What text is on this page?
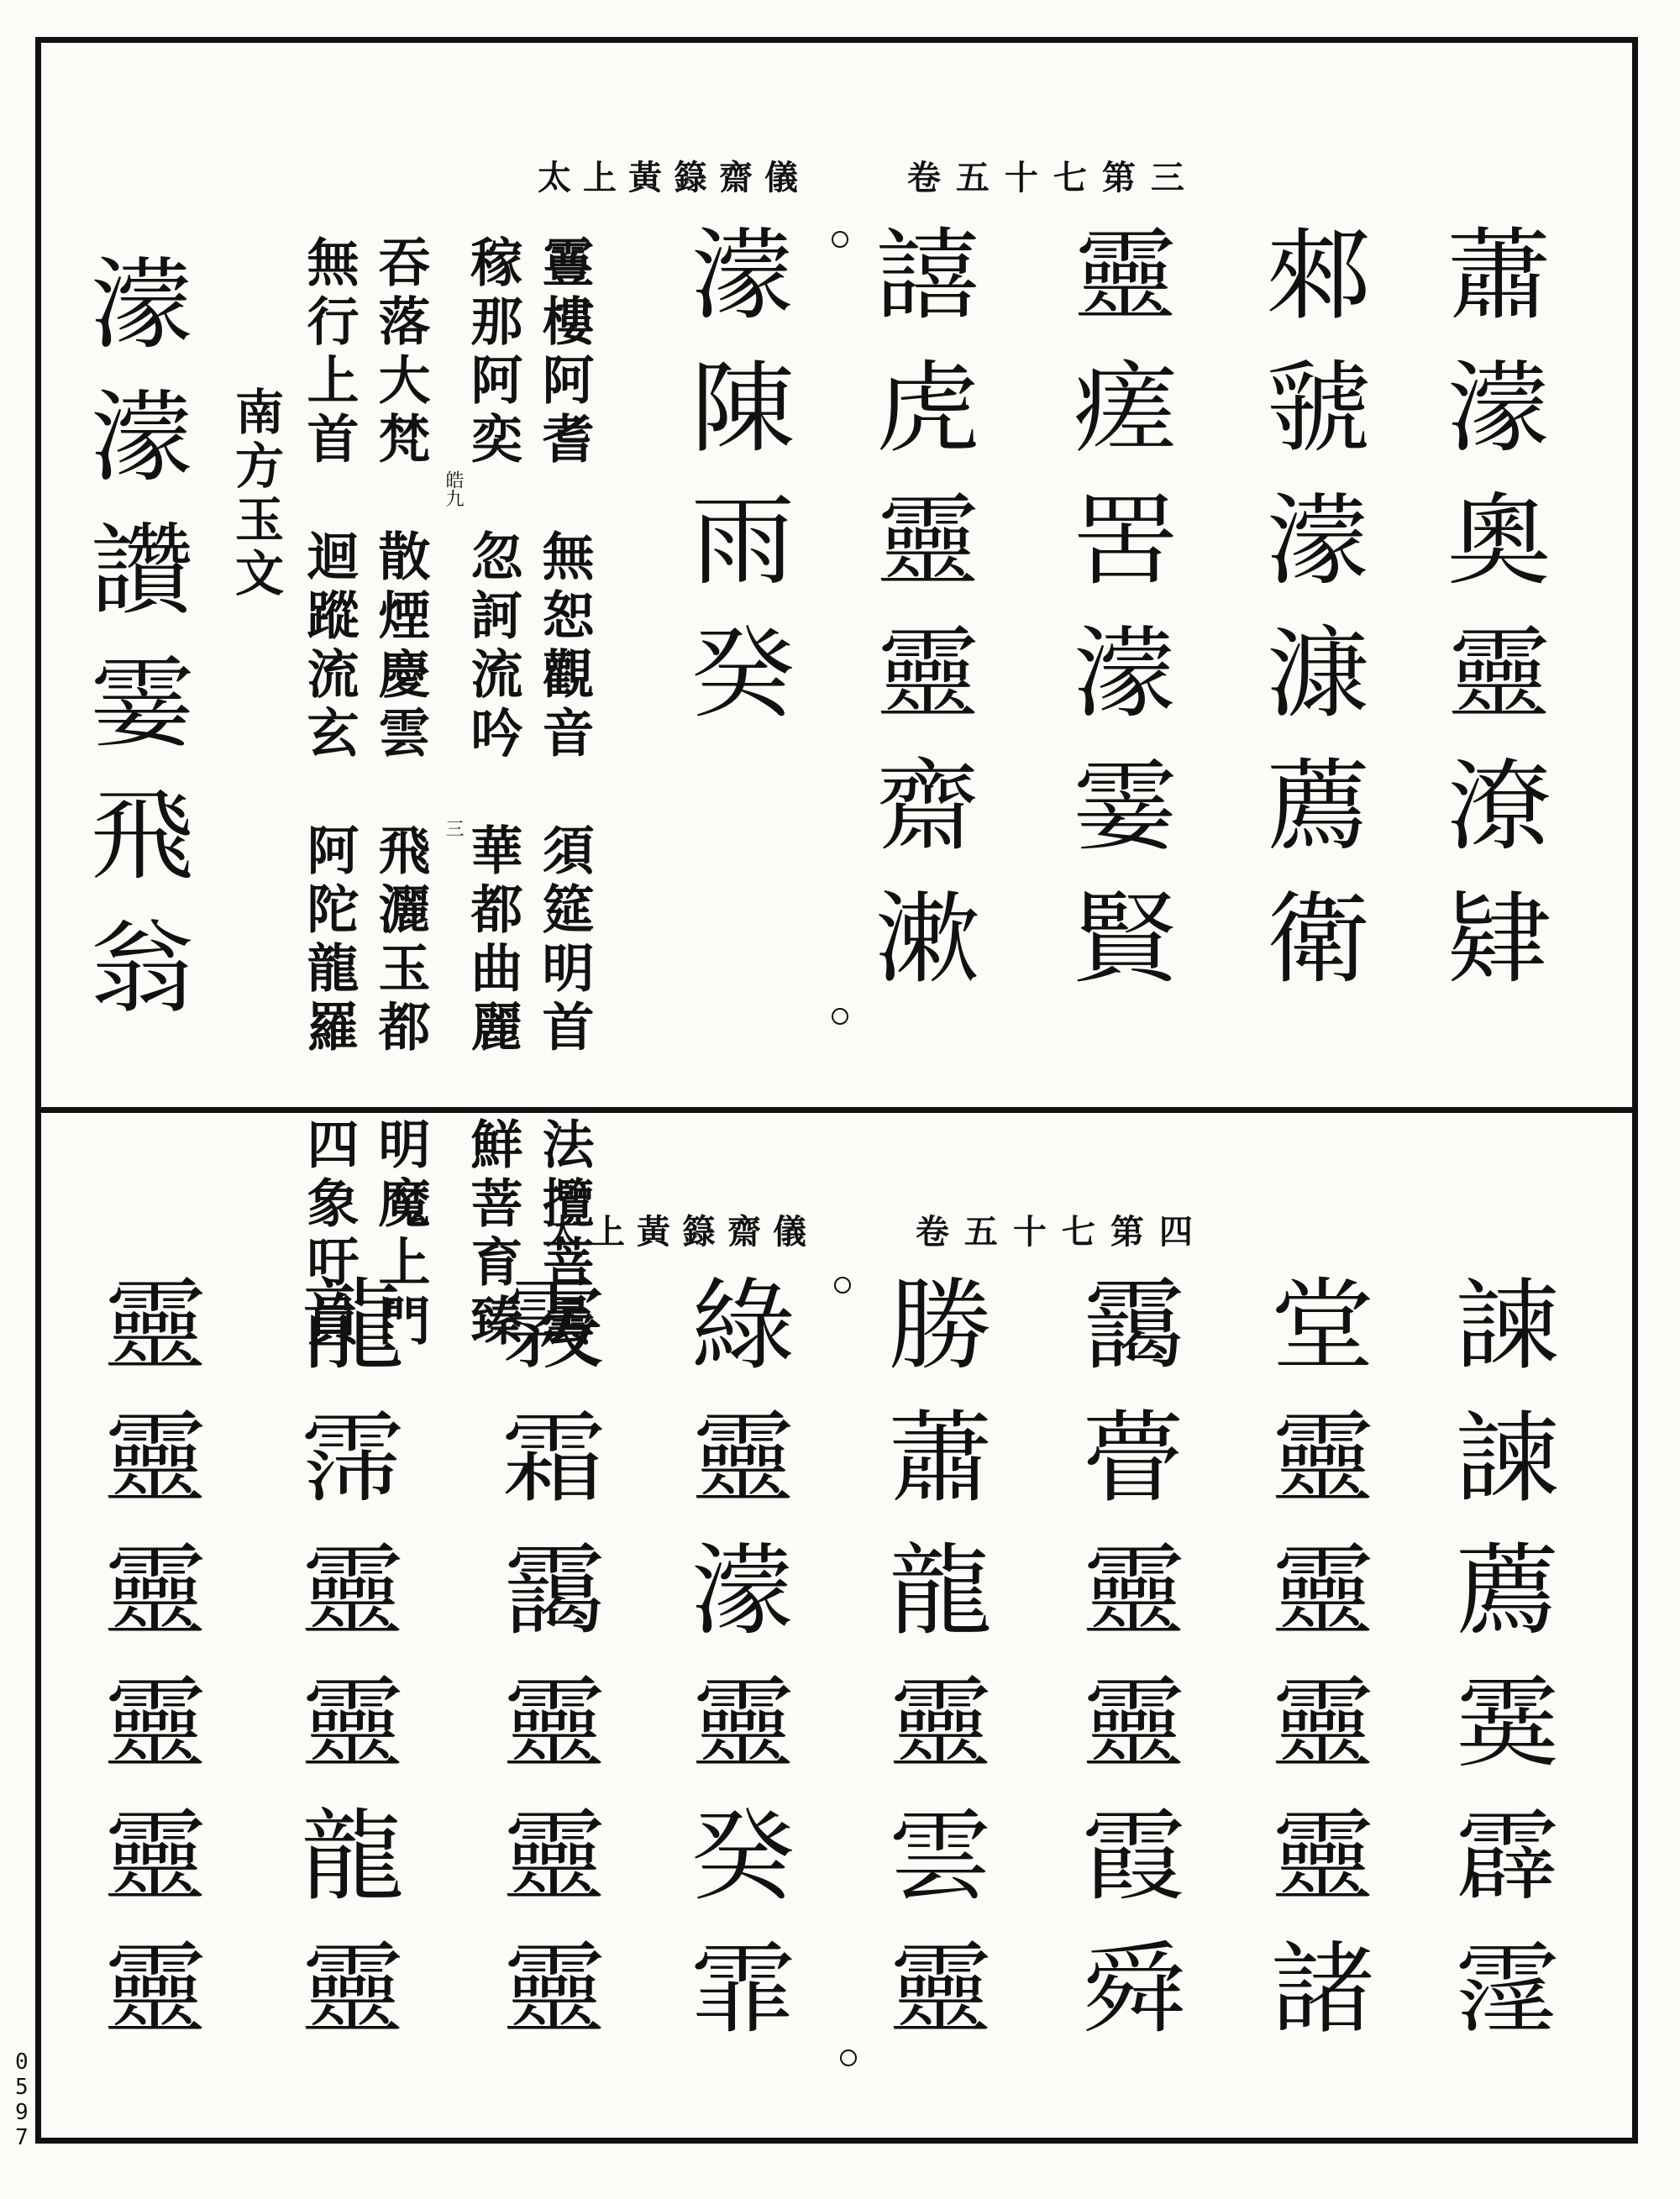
太上黃籙齋儀	卷五十七第三
蕭濛奧靈潦肄
郲虢濛漮薦衛
靈瘥罟濛霎賢
譆虎靈靈齋漱
濛陳雨癸
霻樓阿耆　無恕觀音　須筵明首　法攬菩曇
稼那阿奕　忽訶流吟　華都曲麗　鮮菩育臻
吞落大梵　散煙慶雲　飛灑玉都　明魔上門
無行上首　迴蹤流玄　阿陀龍羅　四象吁員	皓九
三
南方玉文
濛濛讚霎飛翁
太上黃籙齋儀	卷五十七第四
諫諫薦霙霹霪
堂靈靈靈靈諸
靄瞢靈靈霞舜
勝蕭龍靈雲靈
綠靈濛靈癸霏
霚霜靄靈靈靈
龍霈靈靈龍靈
靈靈靈靈靈靈
0597
